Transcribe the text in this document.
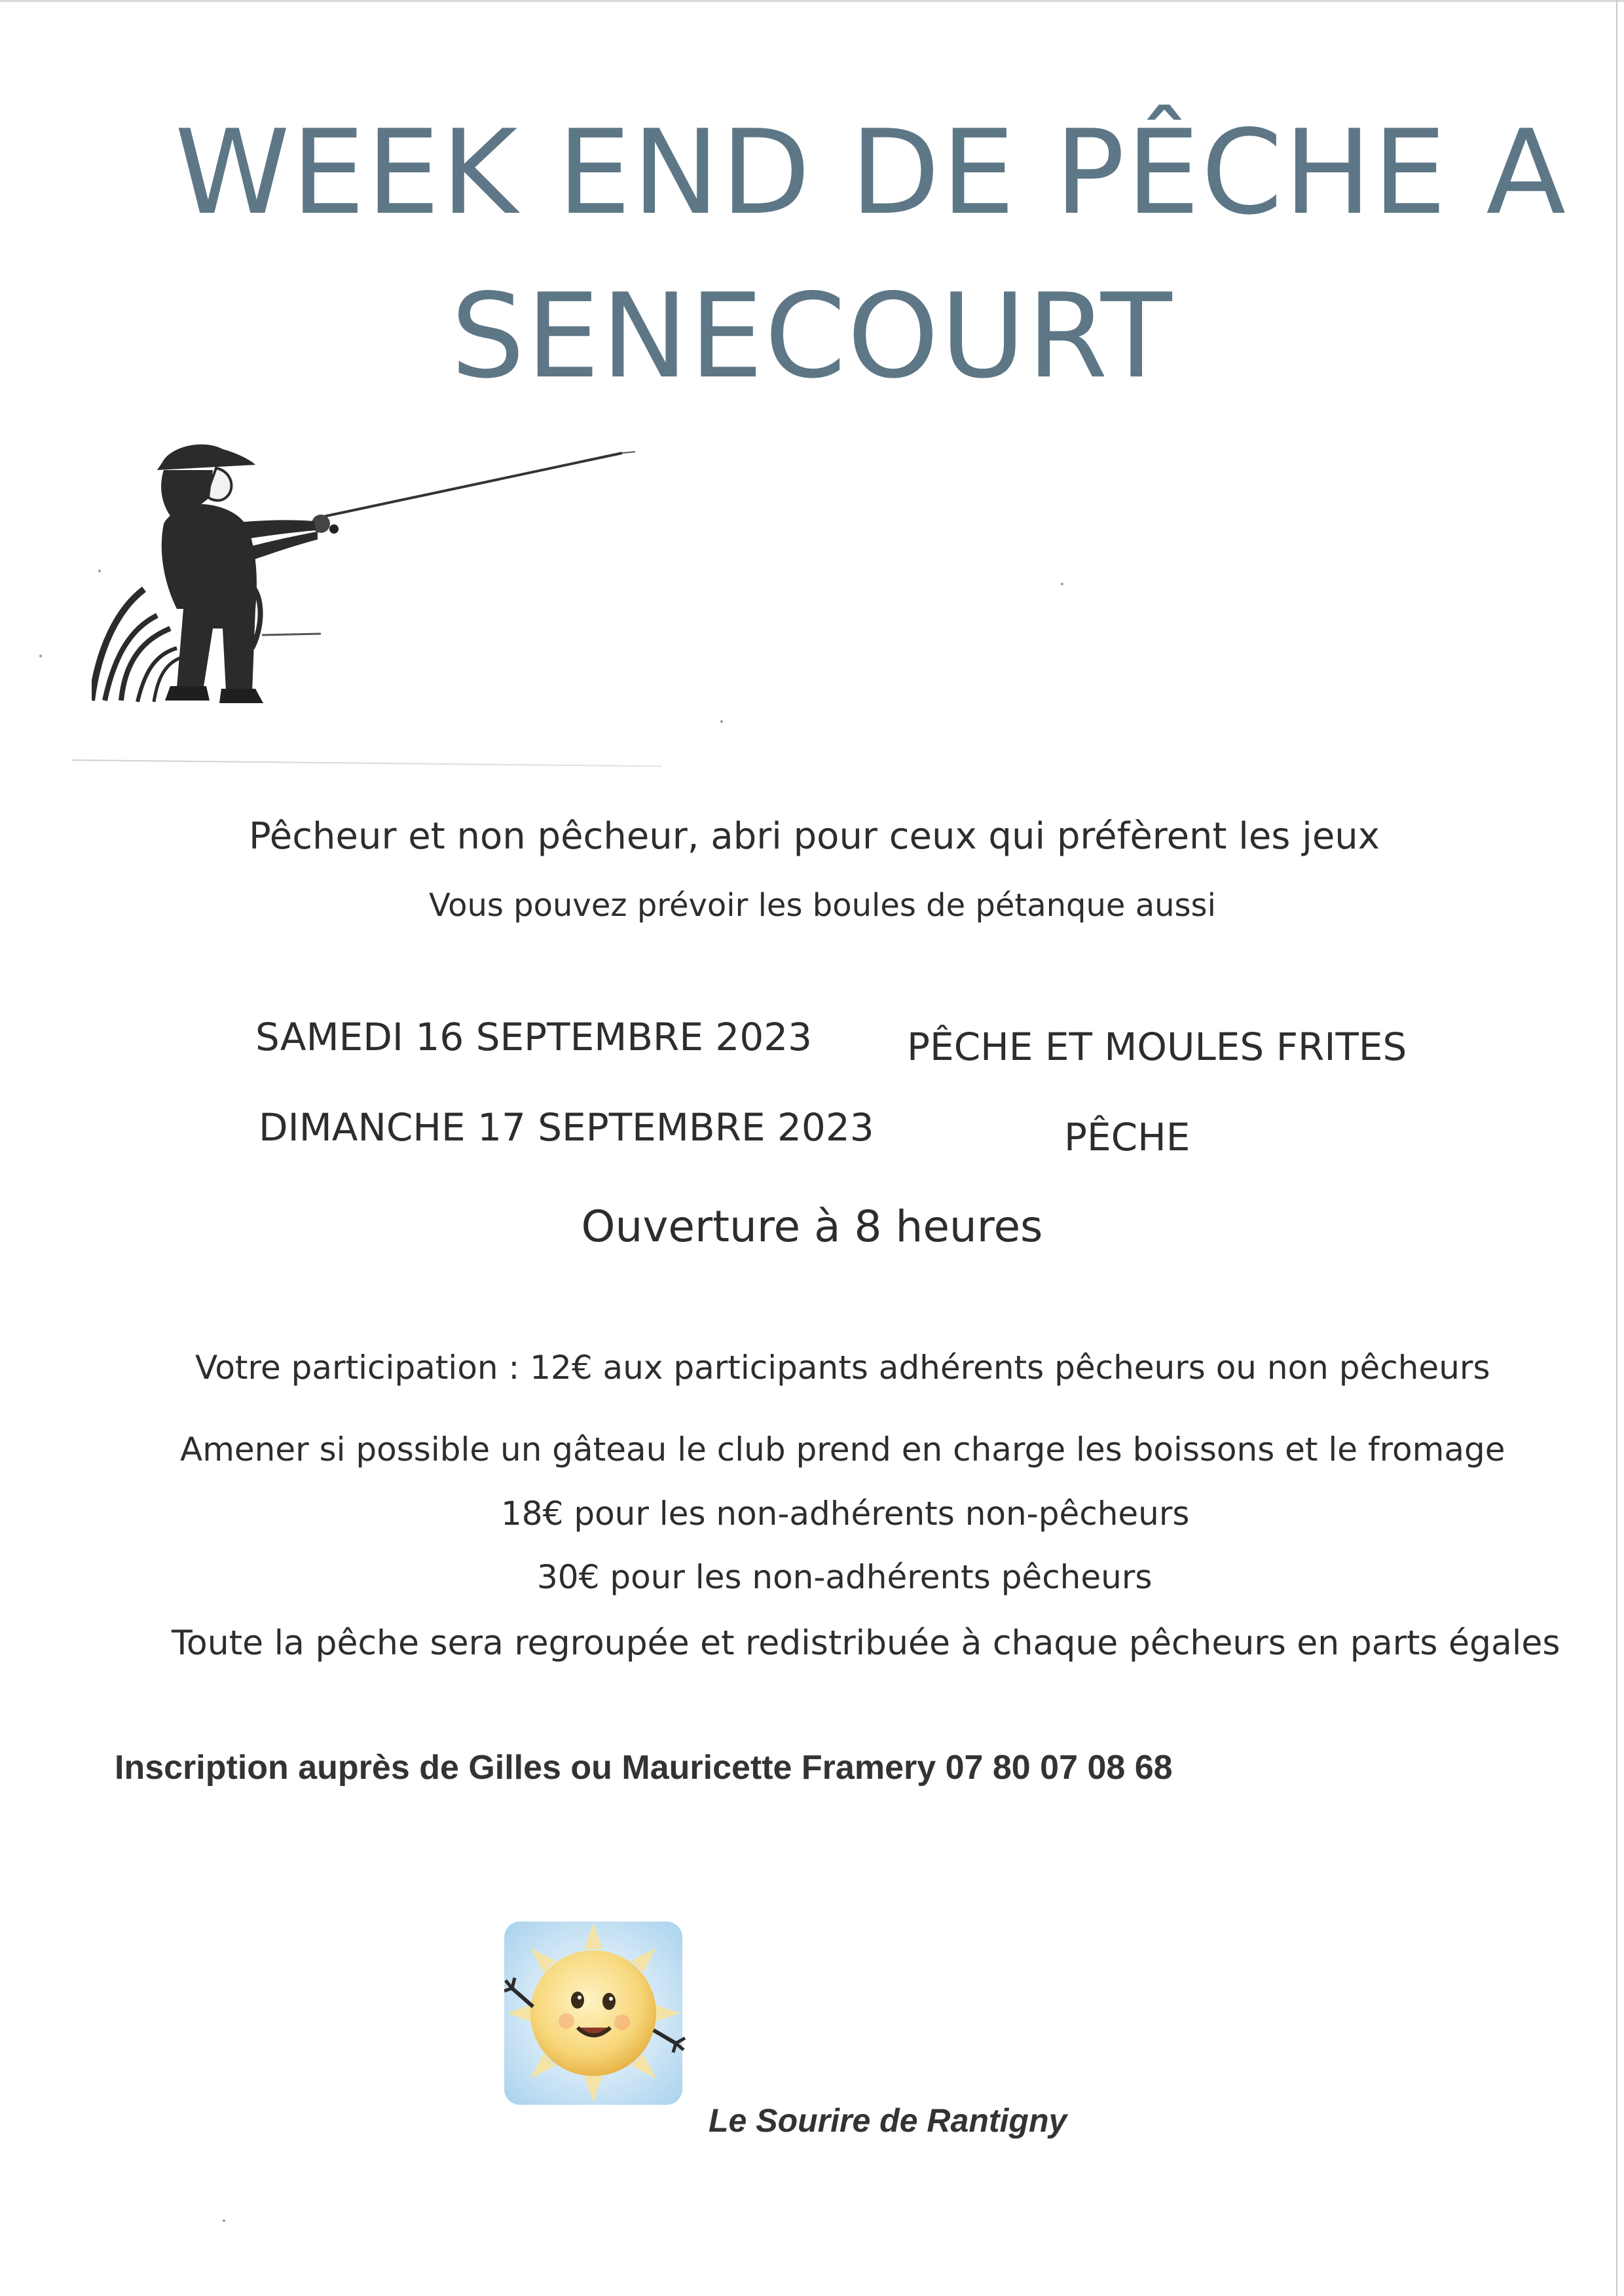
WEEK END DE PÊCHE A
SENECOURT
Pêcheur et non pêcheur, abri pour ceux qui préfèrent les jeux
Vous pouvez prévoir les boules de pétanque aussi
SAMEDI 16 SEPTEMBRE 2023 PÊCHE ET MOULES FRITES
DIMANCHE 17 SEPTEMBRE 2023	PÊCHE
Ouverture à 8 heures
Votre participation : 12€ aux participants adhérents pêcheurs ou non pêcheurs
Amener si possible un gâteau le club prend en charge les boissons et le fromage
18€ pour les non-adhérents non-pêcheurs
30€ pour les non-adhérents pêcheurs
Toute la pêche sera regroupée et redistribuée à chaque pêcheurs en parts égales
Inscription auprès de Gilles ou Mauricette Framery 07 80 07 08 68
Le Sourire de Rantigny
